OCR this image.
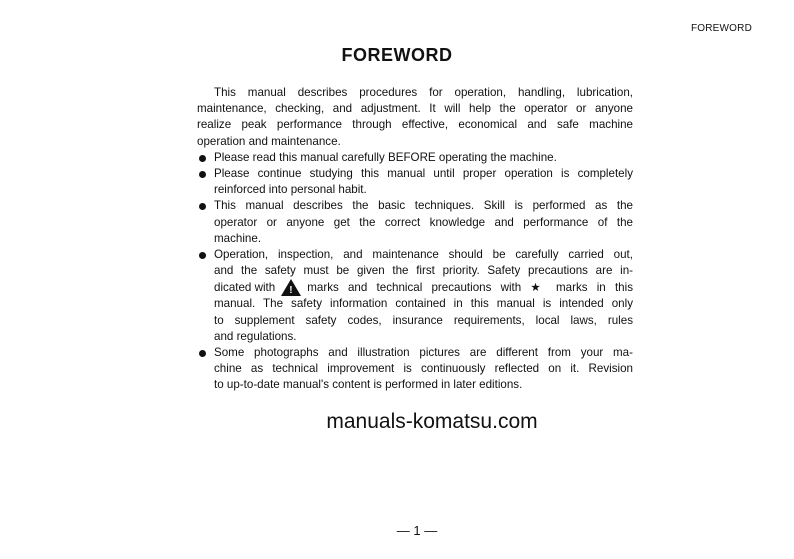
FOREWORD
FOREWORD
This manual describes procedures for operation, handling, lubrication,
maintenance, checking, and adjustment. It will help the operator or anyone
realize peak performance through effective, economical and safe machine
operation and maintenance.
Please read this manual carefully BEFORE operating the machine.
Please continue studying this manual until proper operation is completely
reinforced into personal habit.
This manual describes the basic techniques. Skill is performed as the
operator or anyone get the correct knowledge and performance of the
machine.
Operation, inspection, and maintenance should be carefully carried out,
and the safety must be given the first priority. Safety precautions are in-
dicated with ! marks and technical precautions with ★ marks in this
manual. The safety information contained in this manual is intended only
to supplement safety codes, insurance requirements, local laws, rules
and regulations.
Some photographs and illustration pictures are different from your ma-
chine as technical improvement is continuously reflected on it. Revision
to up-to-date manual's content is performed in later editions.
manuals-komatsu.com
— 1 —
